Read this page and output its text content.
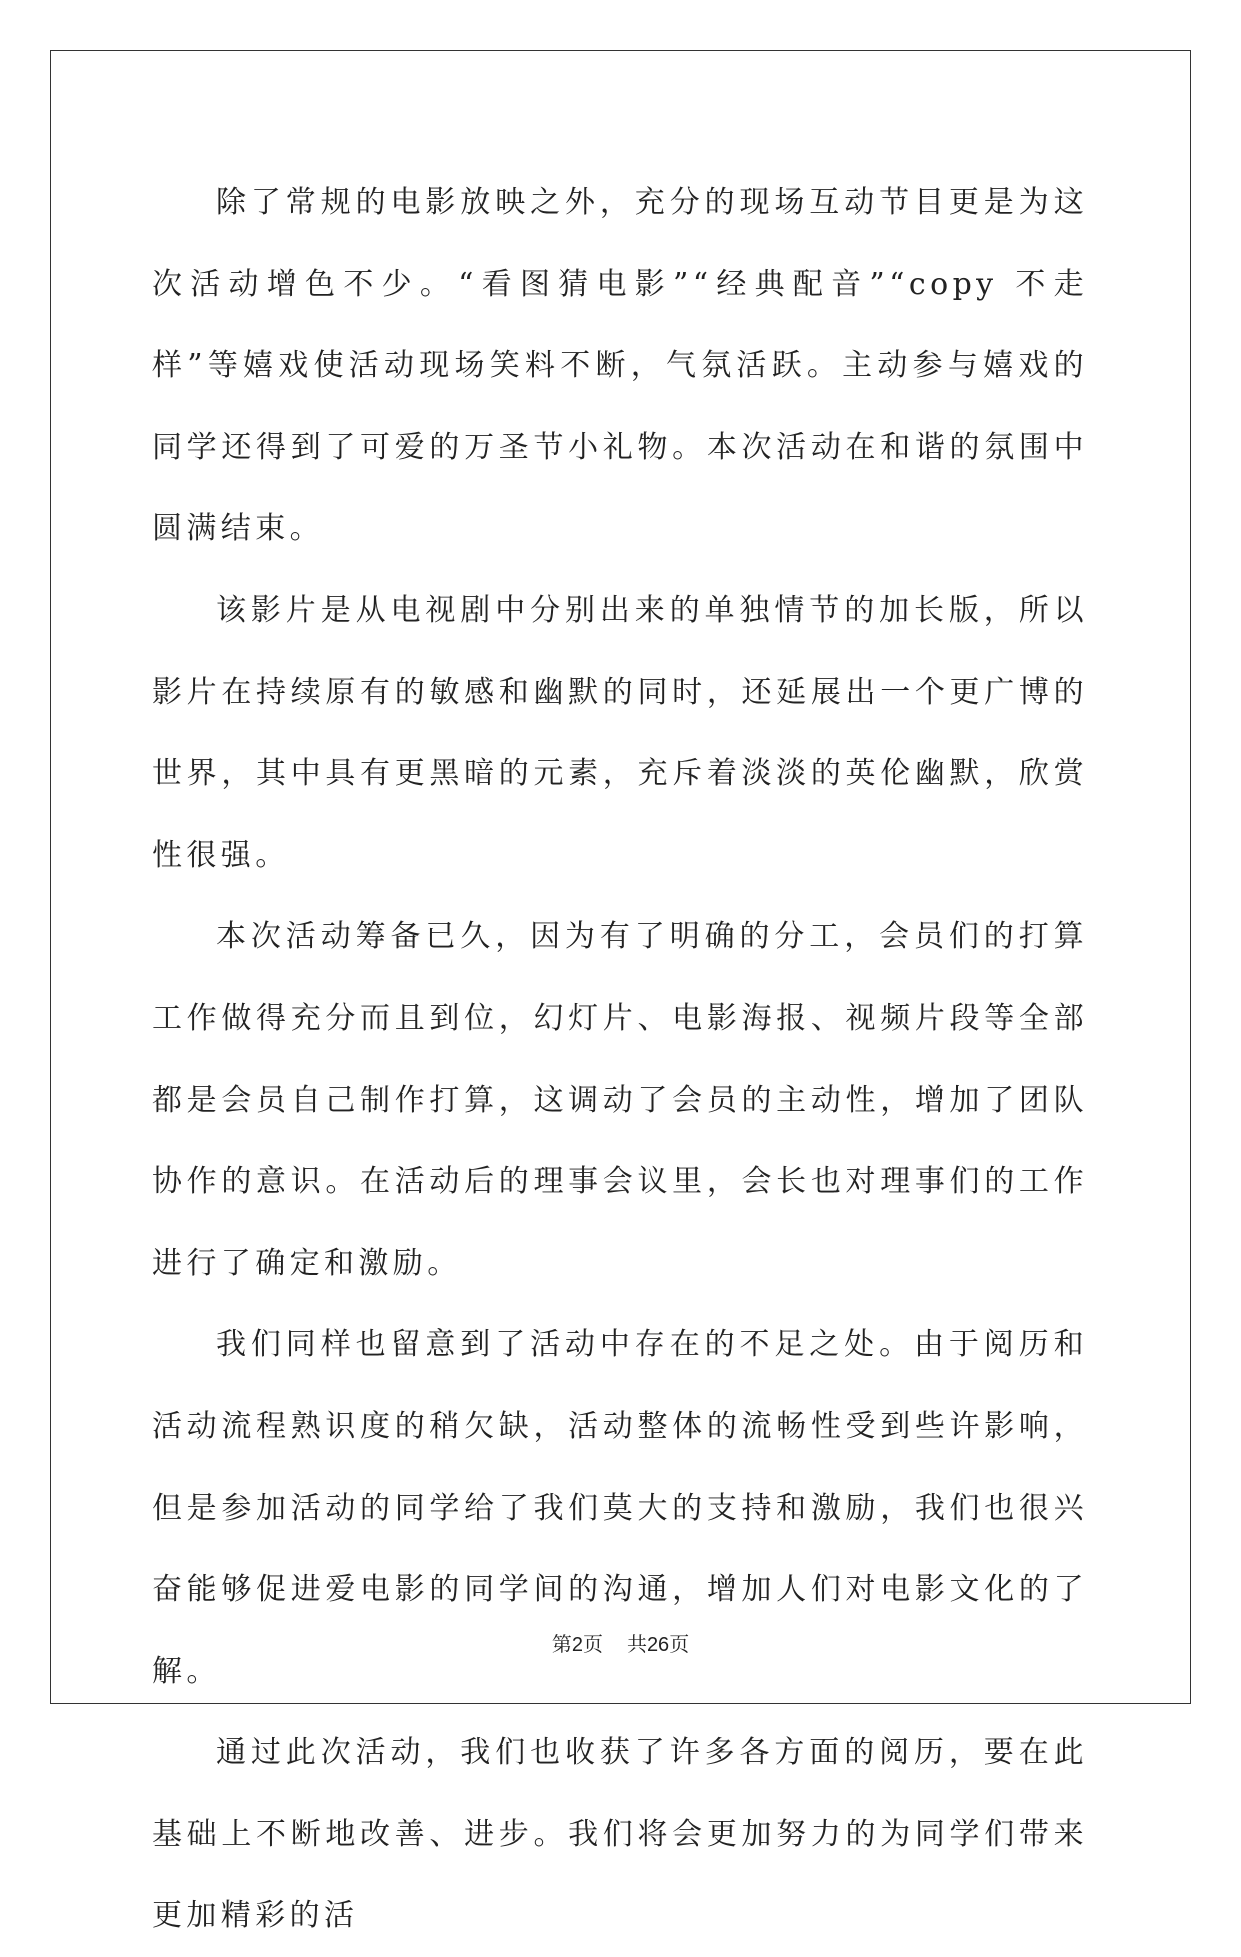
除了常规的电影放映之外，充分的现场互动节目更是为这次活动增色不少。“看图猜电影”“经典配音”“copy 不走样”等嬉戏使活动现场笑料不断，气氛活跃。主动参与嬉戏的同学还得到了可爱的万圣节小礼物。本次活动在和谐的氛围中圆满结束。

该影片是从电视剧中分别出来的单独情节的加长版，所以影片在持续原有的敏感和幽默的同时，还延展出一个更广博的世界，其中具有更黑暗的元素，充斥着淡淡的英伦幽默，欣赏性很强。

本次活动筹备已久，因为有了明确的分工，会员们的打算工作做得充分而且到位，幻灯片、电影海报、视频片段等全部都是会员自己制作打算，这调动了会员的主动性，增加了团队协作的意识。在活动后的理事会议里，会长也对理事们的工作进行了确定和激励。

我们同样也留意到了活动中存在的不足之处。由于阅历和活动流程熟识度的稍欠缺，活动整体的流畅性受到些许影响，但是参加活动的同学给了我们莫大的支持和激励，我们也很兴奋能够促进爱电影的同学间的沟通，增加人们对电影文化的了解。

通过此次活动，我们也收获了许多各方面的阅历，要在此基础上不断地改善、进步。我们将会更加努力的为同学们带来更加精彩的活

第2页 共26页
